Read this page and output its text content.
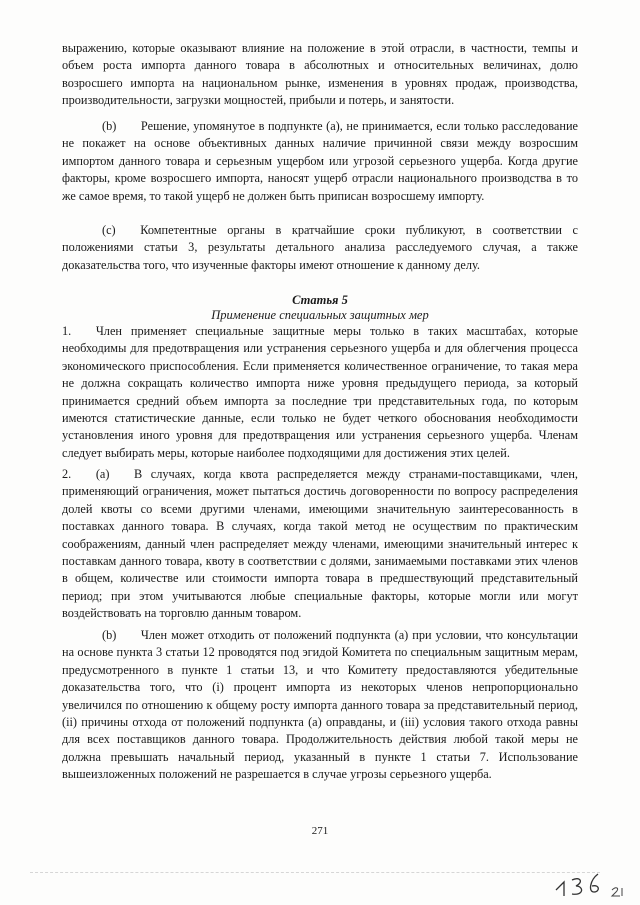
выражению, которые оказывают влияние на положение в этой отрасли, в частности, темпы и объем роста импорта данного товара в абсолютных и относительных величинах, долю возросшего импорта на национальном рынке, изменения в уровнях продаж, производства, производительности, загрузки мощностей, прибыли и потерь, и занятости.

(b)  Решение, упомянутое в подпункте (a), не принимается, если только расследование не покажет на основе объективных данных наличие причинной связи между возросшим импортом данного товара и серьезным ущербом или угрозой серьезного ущерба. Когда другие факторы, кроме возросшего импорта, наносят ущерб отрасли национального производства в то же самое время, то такой ущерб не должен быть приписан возросшему импорту.

(c)  Компетентные органы в кратчайшие сроки публикуют, в соответствии с положениями статьи 3, результаты детального анализа расследуемого случая, а также доказательства того, что изученные факторы имеют отношение к данному делу.

Статья 5

Применение специальных защитных мер

1.  Член применяет специальные защитные меры только в таких масштабах, которые необходимы для предотвращения или устранения серьезного ущерба и для облегчения процесса экономического приспособления. Если применяется количественное ограничение, то такая мера не должна сокращать количество импорта ниже уровня предыдущего периода, за который принимается средний объем импорта за последние три представительных года, по которым имеются статистические данные, если только не будет четкого обоснования необходимости установления иного уровня для предотвращения или устранения серьезного ущерба. Членам следует выбирать меры, которые наиболее подходящими для достижения этих целей.

2.  (a)  В случаях, когда квота распределяется между странами-поставщиками, член, применяющий ограничения, может пытаться достичь договоренности по вопросу распределения долей квоты со всеми другими членами, имеющими значительную заинтересованность в поставках данного товара. В случаях, когда такой метод не осуществим по практическим соображениям, данный член распределяет между членами, имеющими значительный интерес к поставкам данного товара, квоту в соответствии с долями, занимаемыми поставками этих членов в общем, количестве или стоимости импорта товара в предшествующий представительный период; при этом учитываются любые специальные факторы, которые могли или могут воздействовать на торговлю данным товаром.

(b)  Член может отходить от положений подпункта (a) при условии, что консультации на основе пункта 3 статьи 12 проводятся под эгидой Комитета по специальным защитным мерам, предусмотренного в пункте 1 статьи 13, и что Комитету предоставляются убедительные доказательства того, что (i) процент импорта из некоторых членов непропорционально увеличился по отношению к общему росту импорта данного товара за представительный период, (ii) причины отхода от положений подпункта (a) оправданы, и (iii) условия такого отхода равны для всех поставщиков данного товара. Продолжительность действия любой такой меры не должна превышать начальный период, указанный в пункте 1 статьи 7. Использование вышеизложенных положений не разрешается в случае угрозы серьезного ущерба.

271
